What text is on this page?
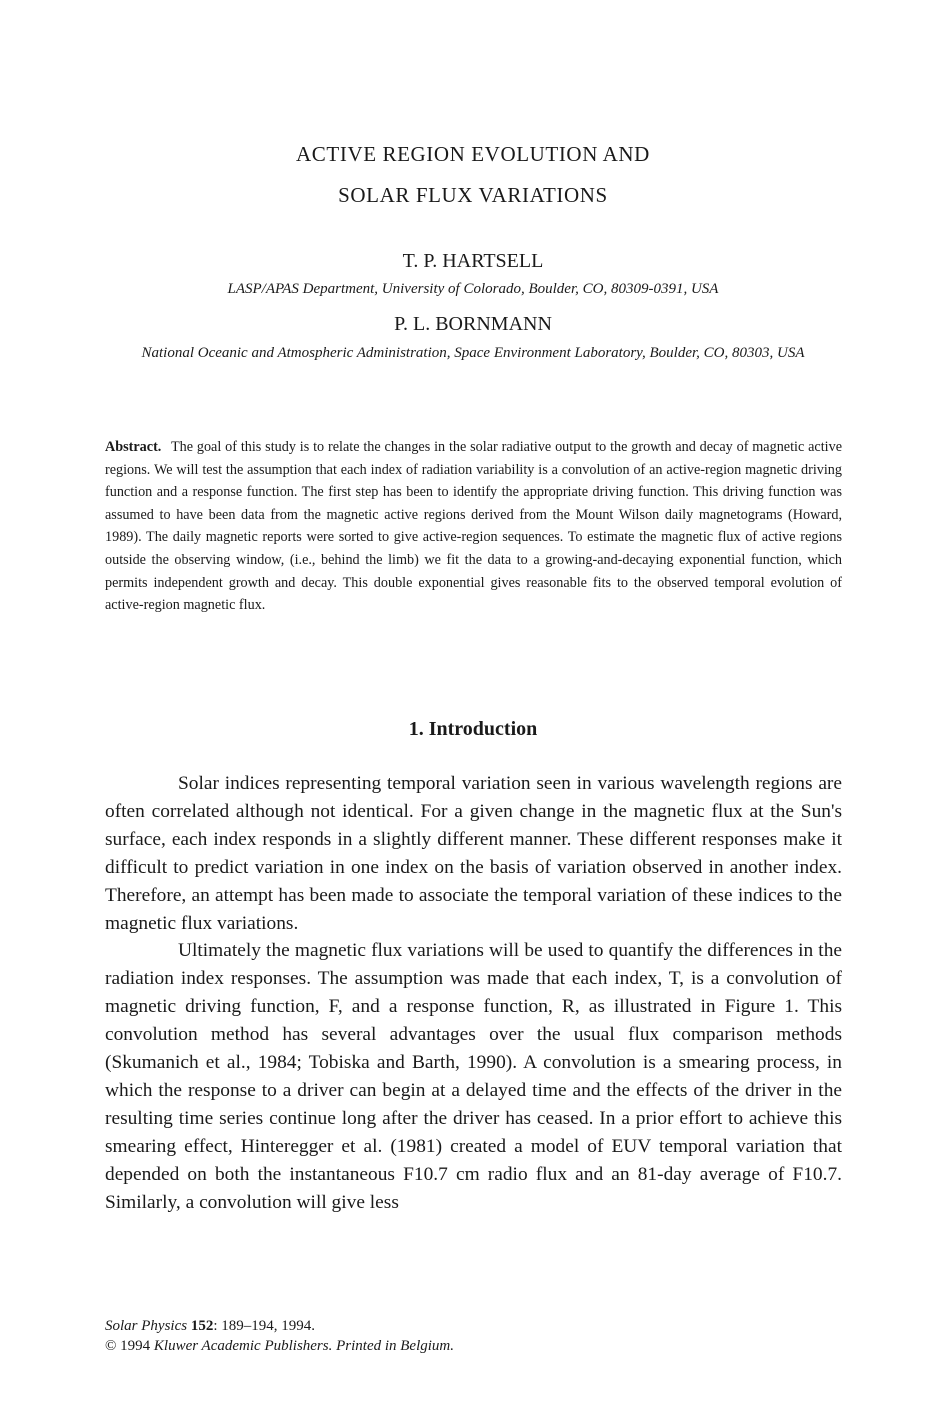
ACTIVE REGION EVOLUTION AND
SOLAR FLUX VARIATIONS
T. P. HARTSELL
LASP/APAS Department, University of Colorado, Boulder, CO, 80309-0391, USA
P. L. BORNMANN
National Oceanic and Atmospheric Administration, Space Environment Laboratory, Boulder, CO, 80303, USA
Abstract. The goal of this study is to relate the changes in the solar radiative output to the growth and decay of magnetic active regions. We will test the assumption that each index of radiation variability is a convolution of an active-region magnetic driving function and a response function. The first step has been to identify the appropriate driving function. This driving function was assumed to have been data from the magnetic active regions derived from the Mount Wilson daily magnetograms (Howard, 1989). The daily magnetic reports were sorted to give active-region sequences. To estimate the magnetic flux of active regions outside the observing window, (i.e., behind the limb) we fit the data to a growing-and-decaying exponential function, which permits independent growth and decay. This double exponential gives reasonable fits to the observed temporal evolution of active-region magnetic flux.
1. Introduction

Solar indices representing temporal variation seen in various wavelength regions are often correlated although not identical. For a given change in the magnetic flux at the Sun's surface, each index responds in a slightly different manner. These different responses make it difficult to predict variation in one index on the basis of variation observed in another index. Therefore, an attempt has been made to associate the temporal variation of these indices to the magnetic flux variations.

Ultimately the magnetic flux variations will be used to quantify the differences in the radiation index responses. The assumption was made that each index, T, is a convolution of magnetic driving function, F, and a response function, R, as illustrated in Figure 1. This convolution method has several advantages over the usual flux comparison methods (Skumanich et al., 1984; Tobiska and Barth, 1990). A convolution is a smearing process, in which the response to a driver can begin at a delayed time and the effects of the driver in the resulting time series continue long after the driver has ceased. In a prior effort to achieve this smearing effect, Hinteregger et al. (1981) created a model of EUV temporal variation that depended on both the instantaneous F10.7 cm radio flux and an 81-day average of F10.7. Similarly, a convolution will give less

Solar Physics 152: 189–194, 1994.
© 1994 Kluwer Academic Publishers. Printed in Belgium.
